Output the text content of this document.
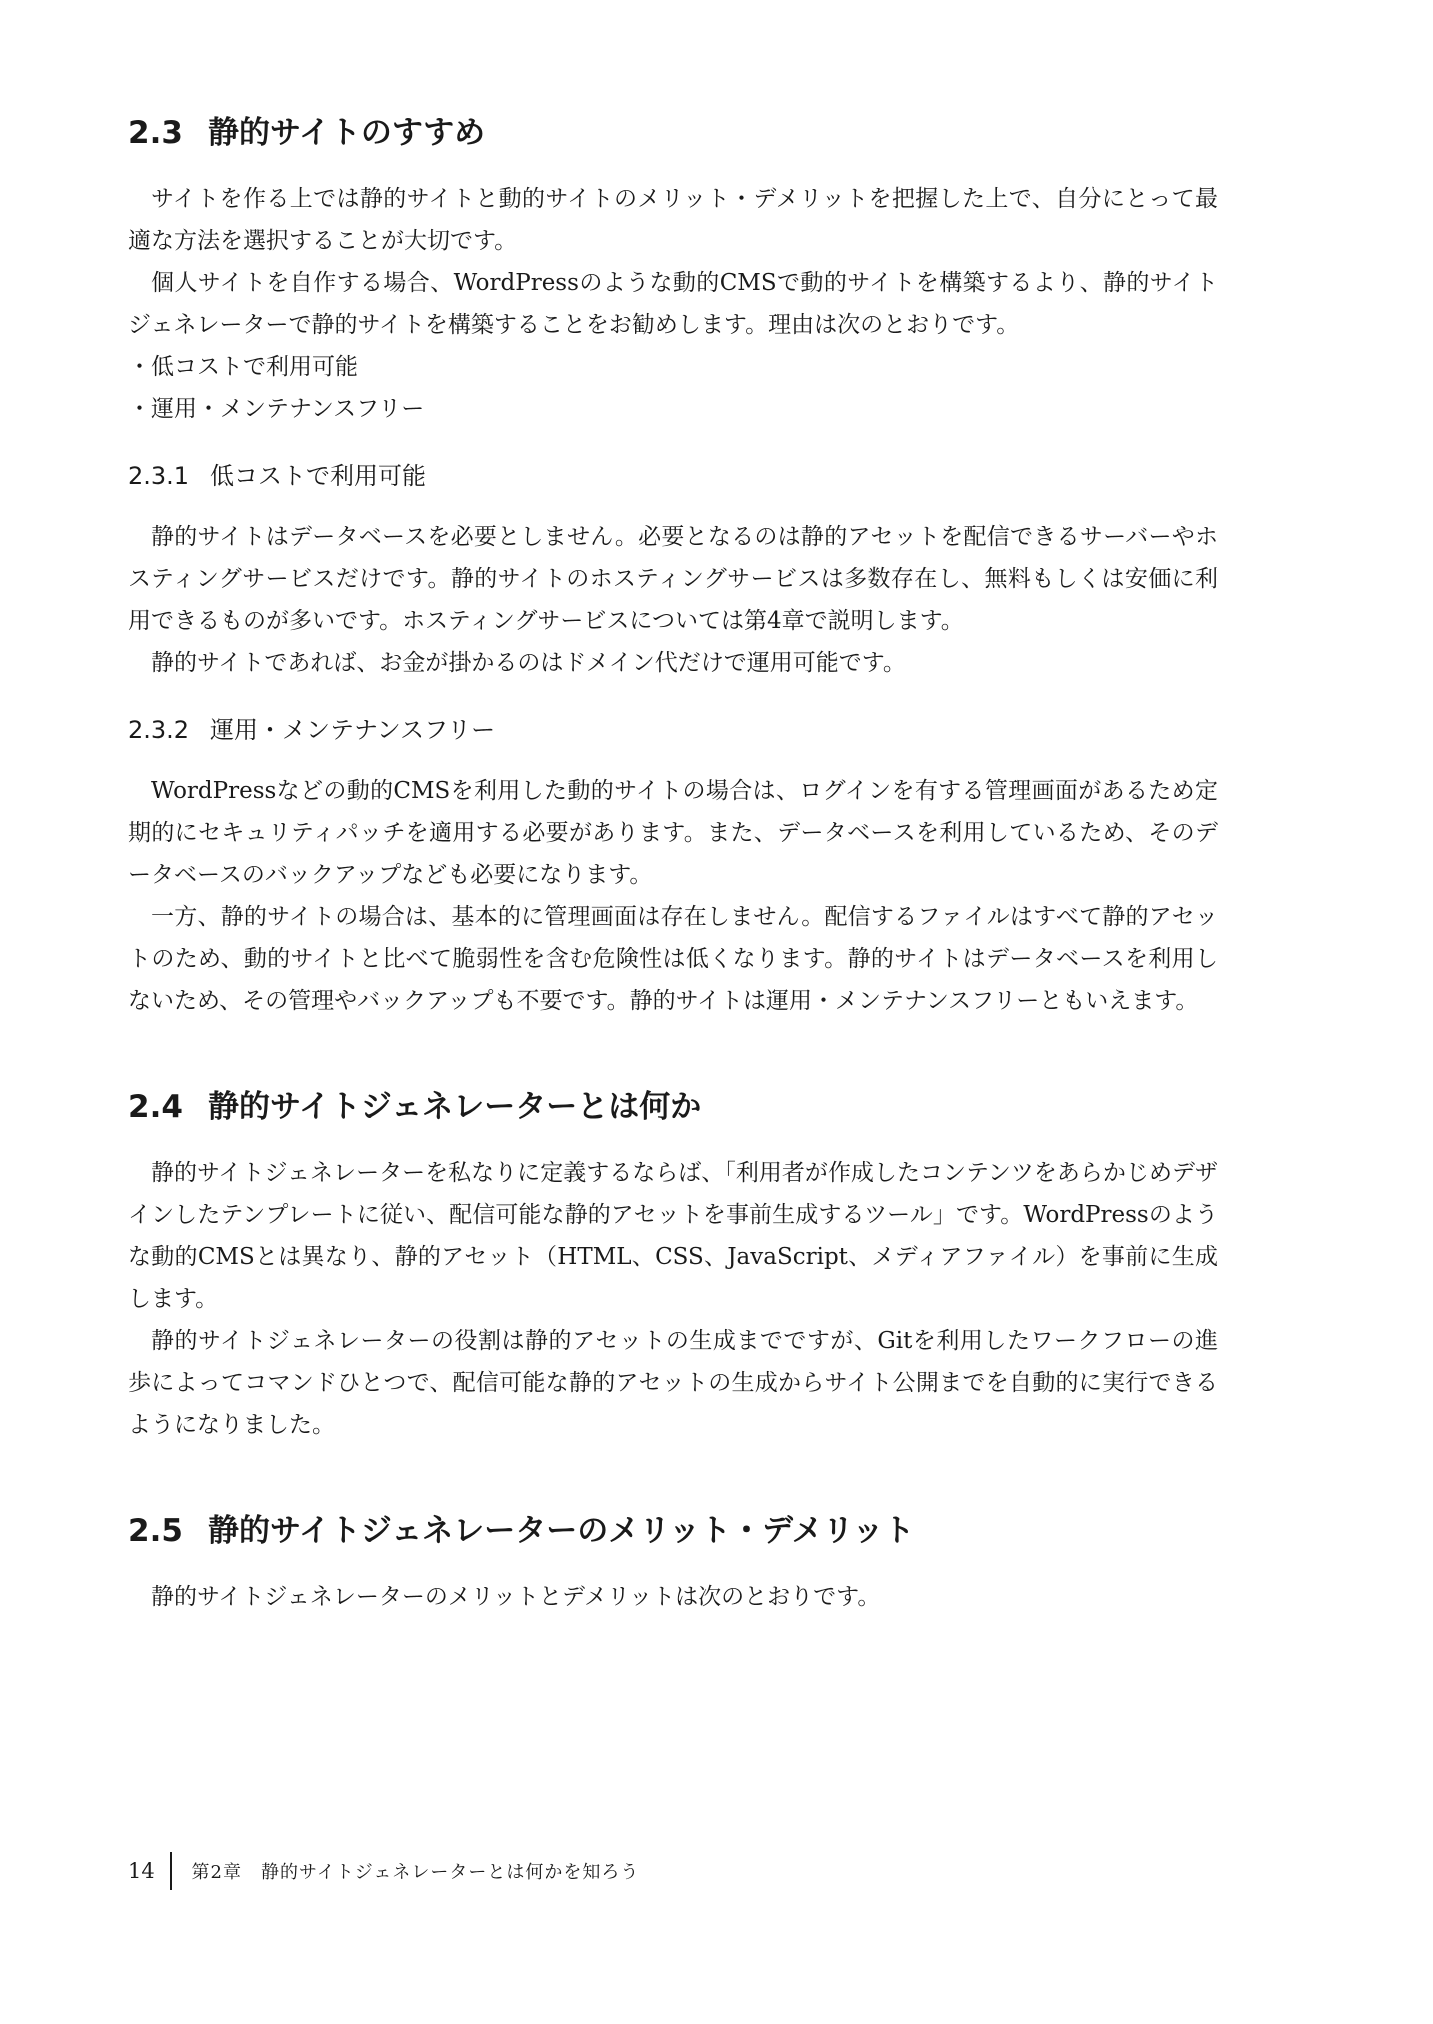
2.3 静的サイトのすすめ

サイトを作る上では静的サイトと動的サイトのメリット・デメリットを把握した上で、自分にとって最適な方法を選択することが大切です。

個人サイトを自作する場合、WordPressのような動的CMSで動的サイトを構築するより、静的サイトジェネレーターで静的サイトを構築することをお勧めします。理由は次のとおりです。

・低コストで利用可能

・運用・メンテナンスフリー

2.3.1 低コストで利用可能

静的サイトはデータベースを必要としません。必要となるのは静的アセットを配信できるサーバーやホスティングサービスだけです。静的サイトのホスティングサービスは多数存在し、無料もしくは安価に利用できるものが多いです。ホスティングサービスについては第4章で説明します。

静的サイトであれば、お金が掛かるのはドメイン代だけで運用可能です。

2.3.2 運用・メンテナンスフリー

WordPressなどの動的CMSを利用した動的サイトの場合は、ログインを有する管理画面があるため定期的にセキュリティパッチを適用する必要があります。また、データベースを利用しているため、そのデータベースのバックアップなども必要になります。

一方、静的サイトの場合は、基本的に管理画面は存在しません。配信するファイルはすべて静的アセットのため、動的サイトと比べて脆弱性を含む危険性は低くなります。静的サイトはデータベースを利用しないため、その管理やバックアップも不要です。静的サイトは運用・メンテナンスフリーともいえます。

2.4 静的サイトジェネレーターとは何か

静的サイトジェネレーターを私なりに定義するならば、「利用者が作成したコンテンツをあらかじめデザインしたテンプレートに従い、配信可能な静的アセットを事前生成するツール」です。WordPressのような動的CMSとは異なり、静的アセット（HTML、CSS、JavaScript、メディアファイル）を事前に生成します。

静的サイトジェネレーターの役割は静的アセットの生成までですが、Gitを利用したワークフローの進歩によってコマンドひとつで、配信可能な静的アセットの生成からサイト公開までを自動的に実行できるようになりました。

2.5 静的サイトジェネレーターのメリット・デメリット

静的サイトジェネレーターのメリットとデメリットは次のとおりです。

14	第2章　静的サイトジェネレーターとは何かを知ろう
